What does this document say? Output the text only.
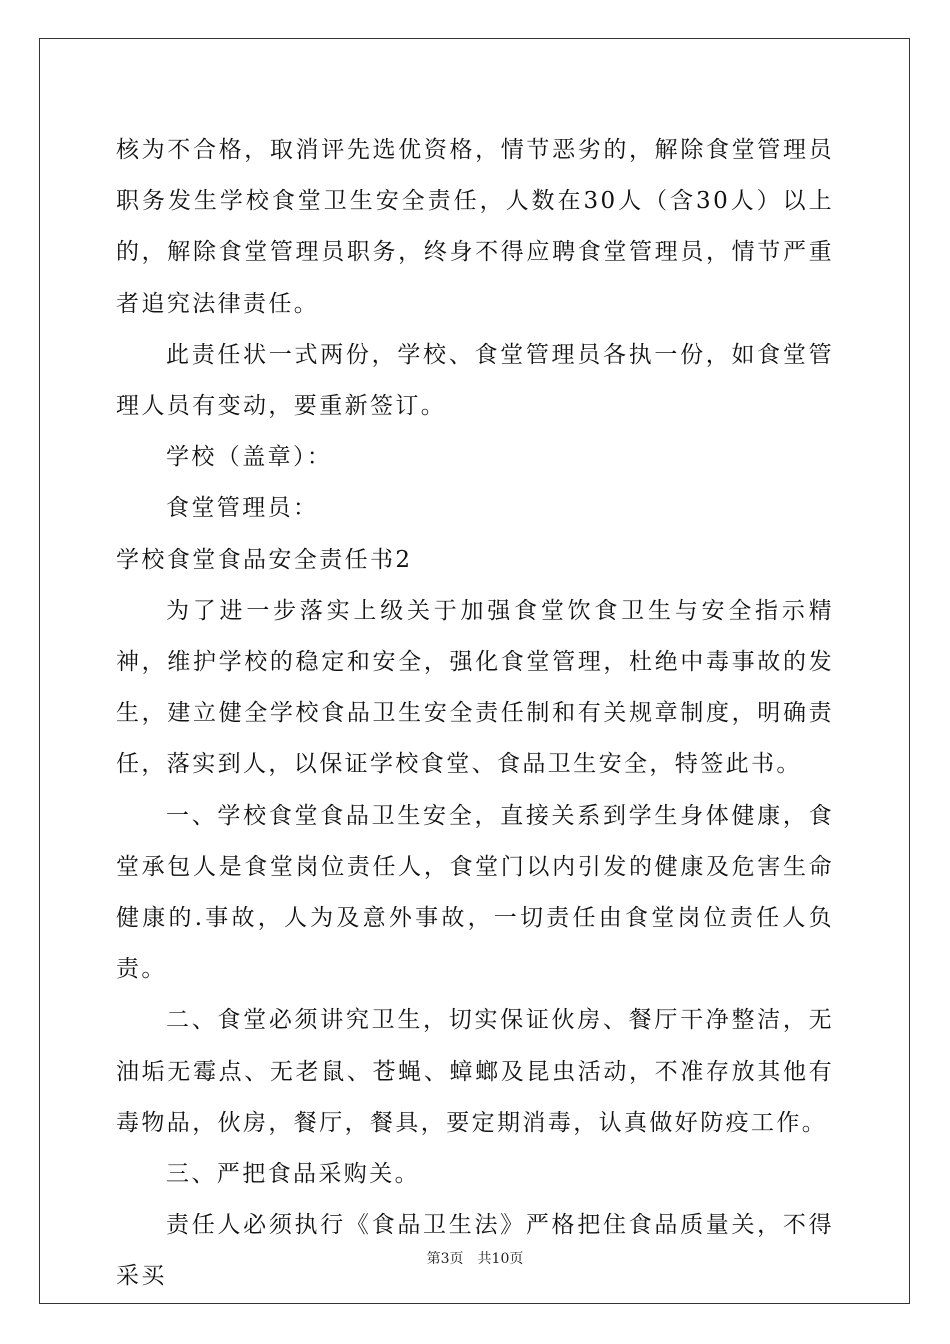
核为不合格，取消评先选优资格，情节恶劣的，解除食堂管理员职务发生学校食堂卫生安全责任，人数在30人（含30人）以上的，解除食堂管理员职务，终身不得应聘食堂管理员，情节严重者追究法律责任。

此责任状一式两份，学校、食堂管理员各执一份，如食堂管理人员有变动，要重新签订。

学校（盖章）：

食堂管理员：

学校食堂食品安全责任书2

为了进一步落实上级关于加强食堂饮食卫生与安全指示精神，维护学校的稳定和安全，强化食堂管理，杜绝中毒事故的发生，建立健全学校食品卫生安全责任制和有关规章制度，明确责任，落实到人，以保证学校食堂、食品卫生安全，特签此书。

一、学校食堂食品卫生安全，直接关系到学生身体健康，食堂承包人是食堂岗位责任人，食堂门以内引发的健康及危害生命健康的.事故，人为及意外事故，一切责任由食堂岗位责任人负责。

二、食堂必须讲究卫生，切实保证伙房、餐厅干净整洁，无油垢无霉点、无老鼠、苍蝇、蟑螂及昆虫活动，不准存放其他有毒物品，伙房，餐厅，餐具，要定期消毒，认真做好防疫工作。

三、严把食品采购关。

责任人必须执行《食品卫生法》严格把住食品质量关，不得采买

第3页 共10页
